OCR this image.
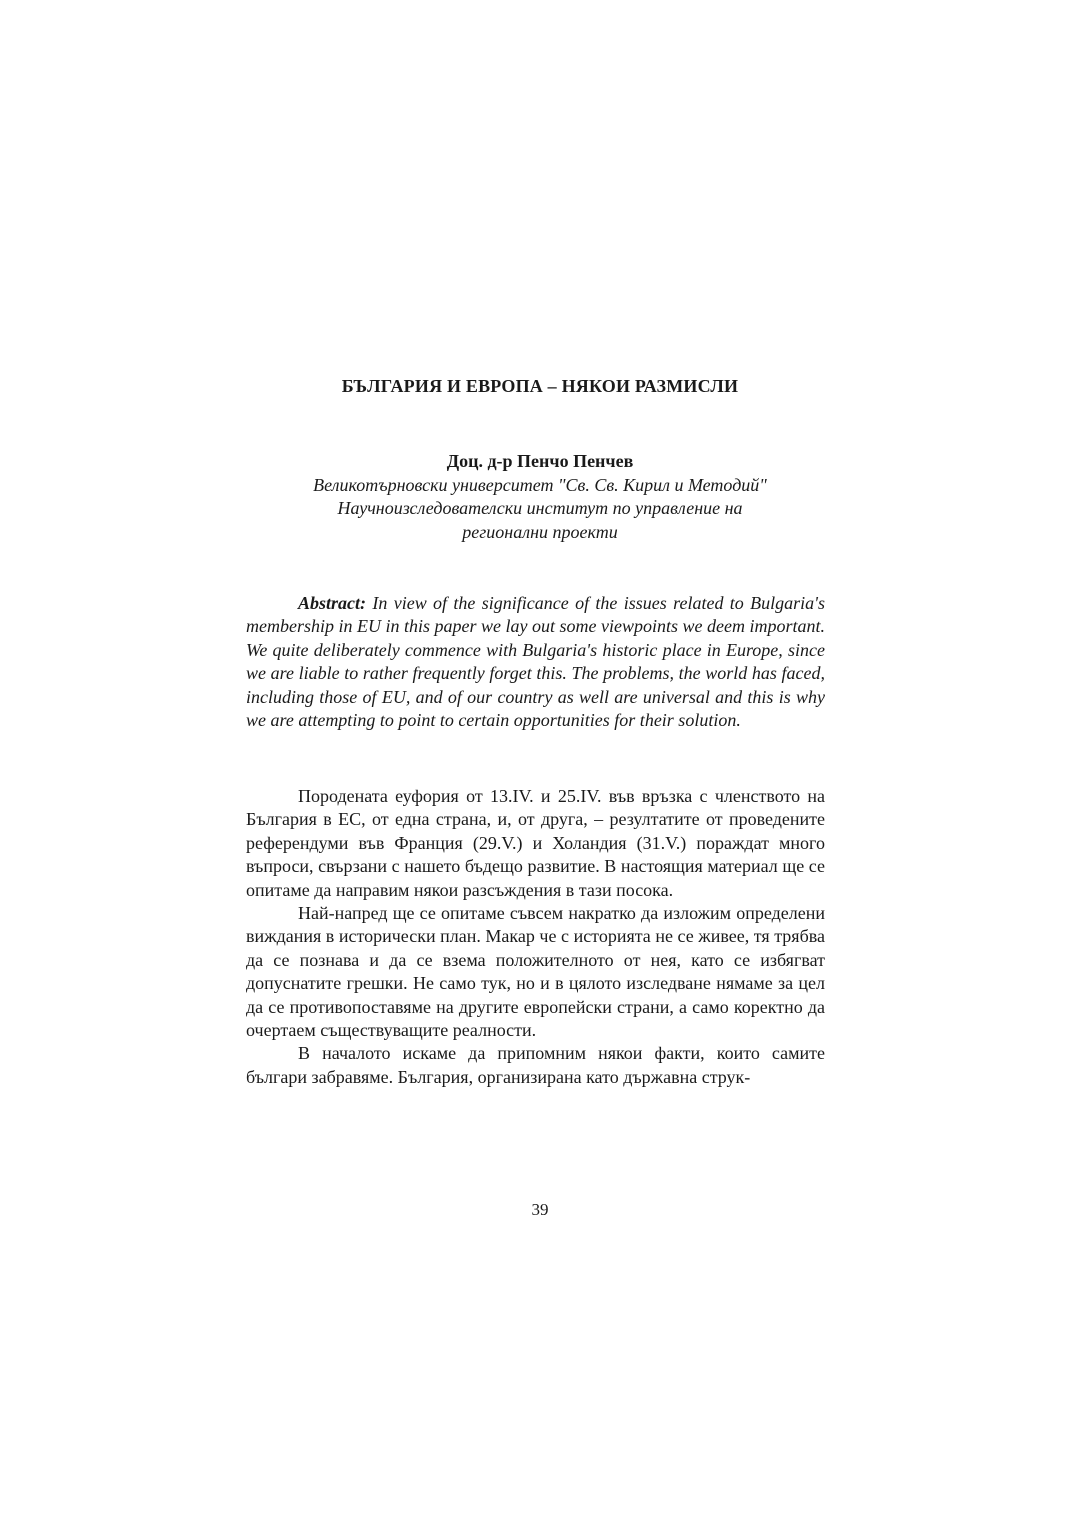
БЪЛГАРИЯ И ЕВРОПА – НЯКОИ РАЗМИСЛИ
Доц. д-р Пенчо Пенчев
Великотърновски университет "Св. Св. Кирил и Методий"
Научноизследователски институт по управление на
регионални проекти

Abstract: In view of the significance of the issues related to Bulgaria's membership in EU in this paper we lay out some viewpoints we deem important. We quite deliberately commence with Bulgaria's historic place in Europe, since we are liable to rather frequently forget this. The problems, the world has faced, including those of EU, and of our country as well are universal and this is why we are attempting to point to certain opportunities for their solution.

Породената еуфория от 13.IV. и 25.IV. във връзка с членството на България в ЕС, от една страна, и, от друга, – резултатите от проведените референдуми във Франция (29.V.) и Холандия (31.V.) пораждат много въпроси, свързани с нашето бъдещо развитие. В настоящия материал ще се опитаме да направим някои разсъждения в тази посока.

Най-напред ще се опитаме съвсем накратко да изложим определени виждания в исторически план. Макар че с историята не се живее, тя трябва да се познава и да се взема положителното от нея, като се избягват допуснатите грешки. Не само тук, но и в цялото изследване нямаме за цел да се противопоставяме на другите европейски страни, а само коректно да очертаем съществуващите реалности.

В началото искаме да припомним някои факти, които самите българи забравяме. България, организирана като държавна струк-

39
